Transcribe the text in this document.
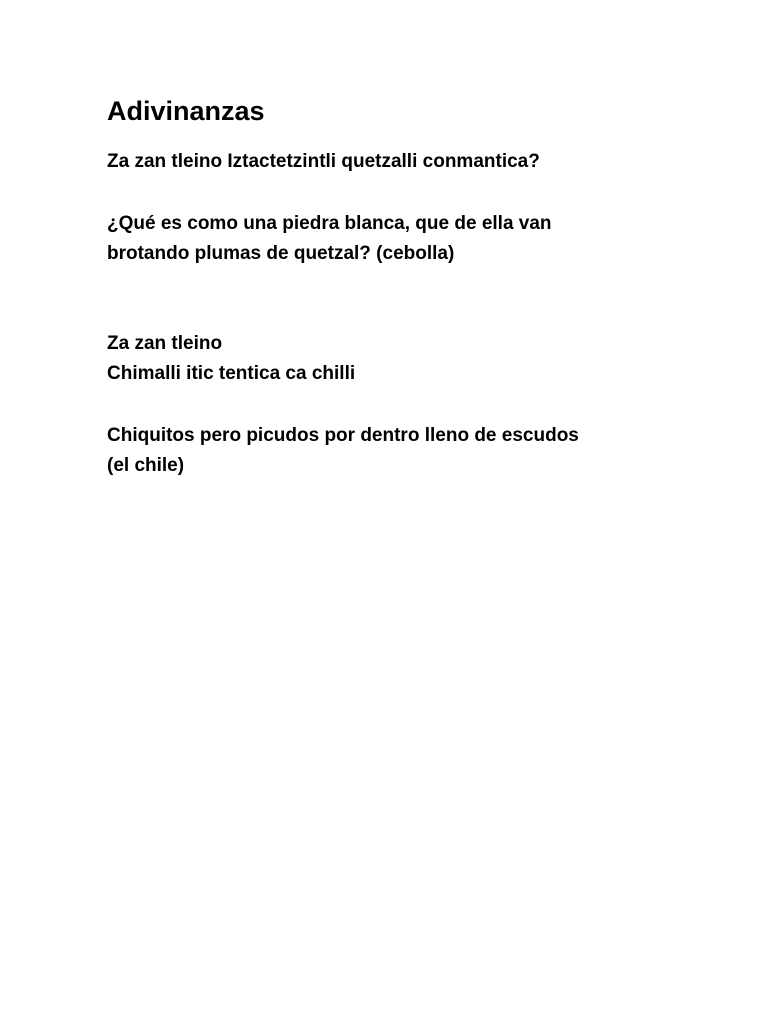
Adivinanzas
Za zan tleino Iztactetzintli quetzalli conmantica?
¿Qué es como una piedra blanca, que de ella van
brotando plumas de quetzal? (cebolla)
Za zan tleino
Chimalli itic tentica ca chilli
Chiquitos pero picudos por dentro lleno de escudos
(el chile)
